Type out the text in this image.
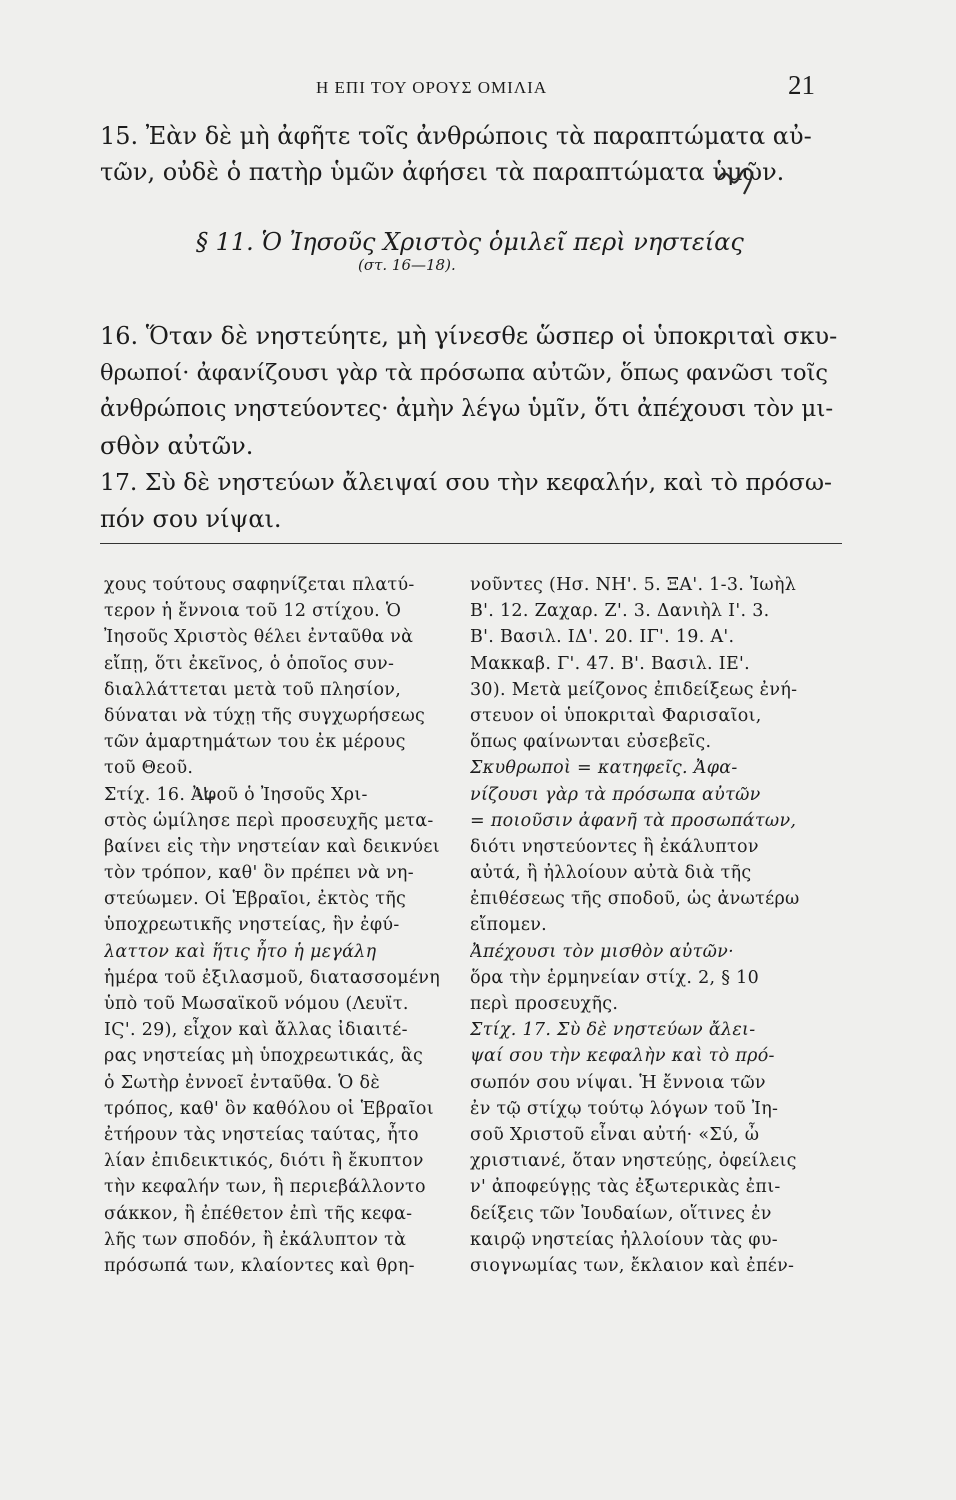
Η ΕΠΙ ΤΟΥ ΟΡΟΥΣ ΟΜΙΛΙΑ	21
15. Ἐὰν δὲ μὴ ἀφῆτε τοῖς ἀνθρώποις τὰ παραπτώματα αὐ-
τῶν, οὐδὲ ὁ πατὴρ ὑμῶν ἀφήσει τὰ παραπτώματα ὑμῶν.
§ 11. Ὁ Ἰησοῦς Χριστὸς ὁμιλεῖ περὶ νηστείας
(στ. 16—18).
16. Ὅταν δὲ νηστεύητε, μὴ γίνεσθε ὥσπερ οἱ ὑποκριταὶ σκυ-
θρωποί· ἀφανίζουσι γὰρ τὰ πρόσωπα αὐτῶν, ὅπως φανῶσι τοῖς
ἀνθρώποις νηστεύοντες· ἀμὴν λέγω ὑμῖν, ὅτι ἀπέχουσι τὸν μι-
σθὸν αὐτῶν.
17. Σὺ δὲ νηστεύων ἄλειψαί σου τὴν κεφαλήν, καὶ τὸ πρόσω-
πόν σου νίψαι.
χους τούτους σαφηνίζεται πλατύ-
τερον ἡ ἔννοια τοῦ 12 στίχου. Ὁ
Ἰησοῦς Χριστὸς θέλει ἐνταῦθα νὰ
εἴπῃ, ὅτι ἐκεῖνος, ὁ ὁποῖος συν-
διαλλάττεται μετὰ τοῦ πλησίον,
δύναται νὰ τύχῃ τῆς συγχωρήσεως
τῶν ἁμαρτημάτων του ἐκ μέρους
τοῦ Θεοῦ.
Στίχ. 16. Ἀφοῦ ὁ Ἰησοῦς Χρι-
στὸς ὡμίλησε περὶ προσευχῆς μετα-
βαίνει εἰς τὴν νηστείαν καὶ δεικνύει
τὸν τρόπον, καθ' ὃν πρέπει νὰ νη-
στεύωμεν. Οἱ Ἑβραῖοι, ἐκτὸς τῆς
ὑποχρεωτικῆς νηστείας, ἣν ἐφύ-
λαττον καὶ ἥτις ἦτο ἡ μεγάλη
ἡμέρα τοῦ ἐξιλασμοῦ, διατασσομένη
ὑπὸ τοῦ Μωσαϊκοῦ νόμου (Λευϊτ.
ΙϚ'. 29), εἶχον καὶ ἄλλας ἰδιαιτέ-
ρας νηστείας μὴ ὑποχρεωτικάς, ἃς
ὁ Σωτὴρ ἐννοεῖ ἐνταῦθα. Ὁ δὲ
τρόπος, καθ' ὃν καθόλου οἱ Ἑβραῖοι
ἐτήρουν τὰς νηστείας ταύτας, ἦτο
λίαν ἐπιδεικτικός, διότι ἢ ἔκυπτον
τὴν κεφαλήν των, ἢ περιεβάλλοντο
σάκκον, ἢ ἐπέθετον ἐπὶ τῆς κεφα-
λῆς των σποδόν, ἢ ἐκάλυπτον τὰ
πρόσωπά των, κλαίοντες καὶ θρη-
νοῦντες (Ησ. ΝΗ'. 5. ΞΑ'. 1-3. Ἰωὴλ
Β'. 12. Ζαχαρ. Ζ'. 3. Δανιὴλ Ι'. 3.
Β'. Βασιλ. ΙΔ'. 20. ΙΓ'. 19. Α'.
Μακκαβ. Γ'. 47. Β'. Βασιλ. ΙΕ'.
30). Μετὰ μείζονος ἐπιδείξεως ἐνή-
στευον οἱ ὑποκριταὶ Φαρισαῖοι,
ὅπως φαίνωνται εὐσεβεῖς.
Σκυθρωποὶ = κατηφεῖς. Ἀφα-
νίζουσι γὰρ τὰ πρόσωπα αὐτῶν
= ποιοῦσιν ἀφανῆ τὰ προσωπάτων,
διότι νηστεύοντες ἢ ἐκάλυπτον
αὐτά, ἢ ἠλλοίουν αὐτὰ διὰ τῆς
ἐπιθέσεως τῆς σποδοῦ, ὡς ἀνωτέρω
εἴπομεν.
Ἀπέχουσι τὸν μισθὸν αὐτῶν·
ὅρα τὴν ἑρμηνείαν στίχ. 2, § 10
περὶ προσευχῆς.
Στίχ. 17. Σὺ δὲ νηστεύων ἄλει-
ψαί σου τὴν κεφαλὴν καὶ τὸ πρό-
σωπόν σου νίψαι. Ἡ ἔννοια τῶν
ἐν τῷ στίχῳ τούτῳ λόγων τοῦ Ἰη-
σοῦ Χριστοῦ εἶναι αὐτή· «Σύ, ὦ
χριστιανέ, ὅταν νηστεύῃς, ὀφείλεις
ν' ἀποφεύγῃς τὰς ἐξωτερικὰς ἐπι-
δείξεις τῶν Ἰουδαίων, οἵτινες ἐν
καιρῷ νηστείας ἠλλοίουν τὰς φυ-
σιογνωμίας των, ἔκλαιον καὶ ἐπέν-
